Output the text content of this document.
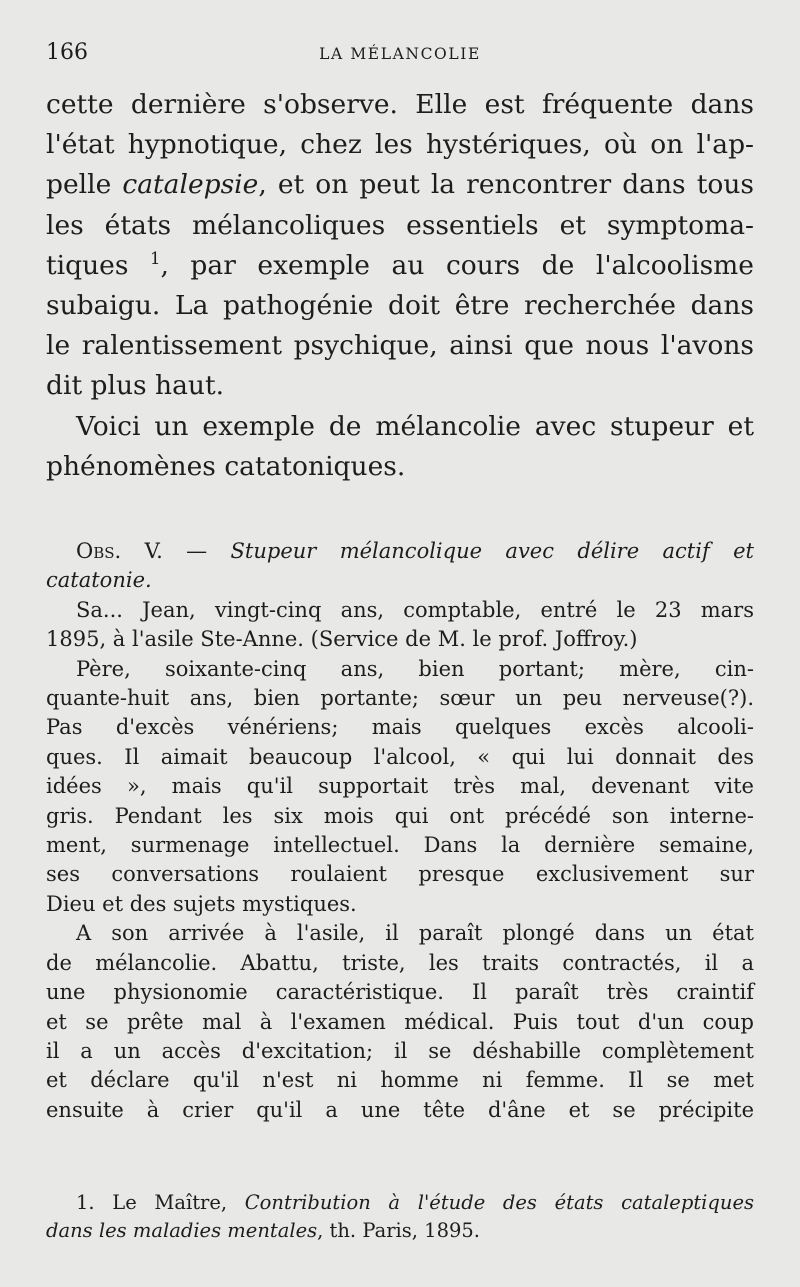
166	LA MÉLANCOLIE

cette dernière s'observe. Elle est fréquente dans
l'état hypnotique, chez les hystériques, où on l'ap-
pelle catalepsie, et on peut la rencontrer dans tous
les états mélancoliques essentiels et symptoma-
tiques $^1$, par exemple au cours de l'alcoolisme
subaigu. La pathogénie doit être recherchée dans
le ralentissement psychique, ainsi que nous l'avons
dit plus haut.

Voici un exemple de mélancolie avec stupeur et
phénomènes catatoniques.

Obs. V. — Stupeur mélancolique avec délire actif et
catatonie.

Sa... Jean, vingt-cinq ans, comptable, entré le 23 mars
1895, à l'asile Ste-Anne. (Service de M. le prof. Joffroy.)

Père, soixante-cinq ans, bien portant; mère, cin-
quante-huit ans, bien portante; sœur un peu nerveuse(?).
Pas d'excès vénériens; mais quelques excès alcooli-
ques. Il aimait beaucoup l'alcool, « qui lui donnait des
idées », mais qu'il supportait très mal, devenant vite
gris. Pendant les six mois qui ont précédé son interne-
ment, surmenage intellectuel. Dans la dernière semaine,
ses conversations roulaient presque exclusivement sur
Dieu et des sujets mystiques.

A son arrivée à l'asile, il paraît plongé dans un état
de mélancolie. Abattu, triste, les traits contractés, il a
une physionomie caractéristique. Il paraît très craintif
et se prête mal à l'examen médical. Puis tout d'un coup
il a un accès d'excitation; il se déshabille complètement
et déclare qu'il n'est ni homme ni femme. Il se met
ensuite à crier qu'il a une tête d'âne et se précipite

1. Le Maître, Contribution à l'étude des états cataleptiques
dans les maladies mentales, th. Paris, 1895.
